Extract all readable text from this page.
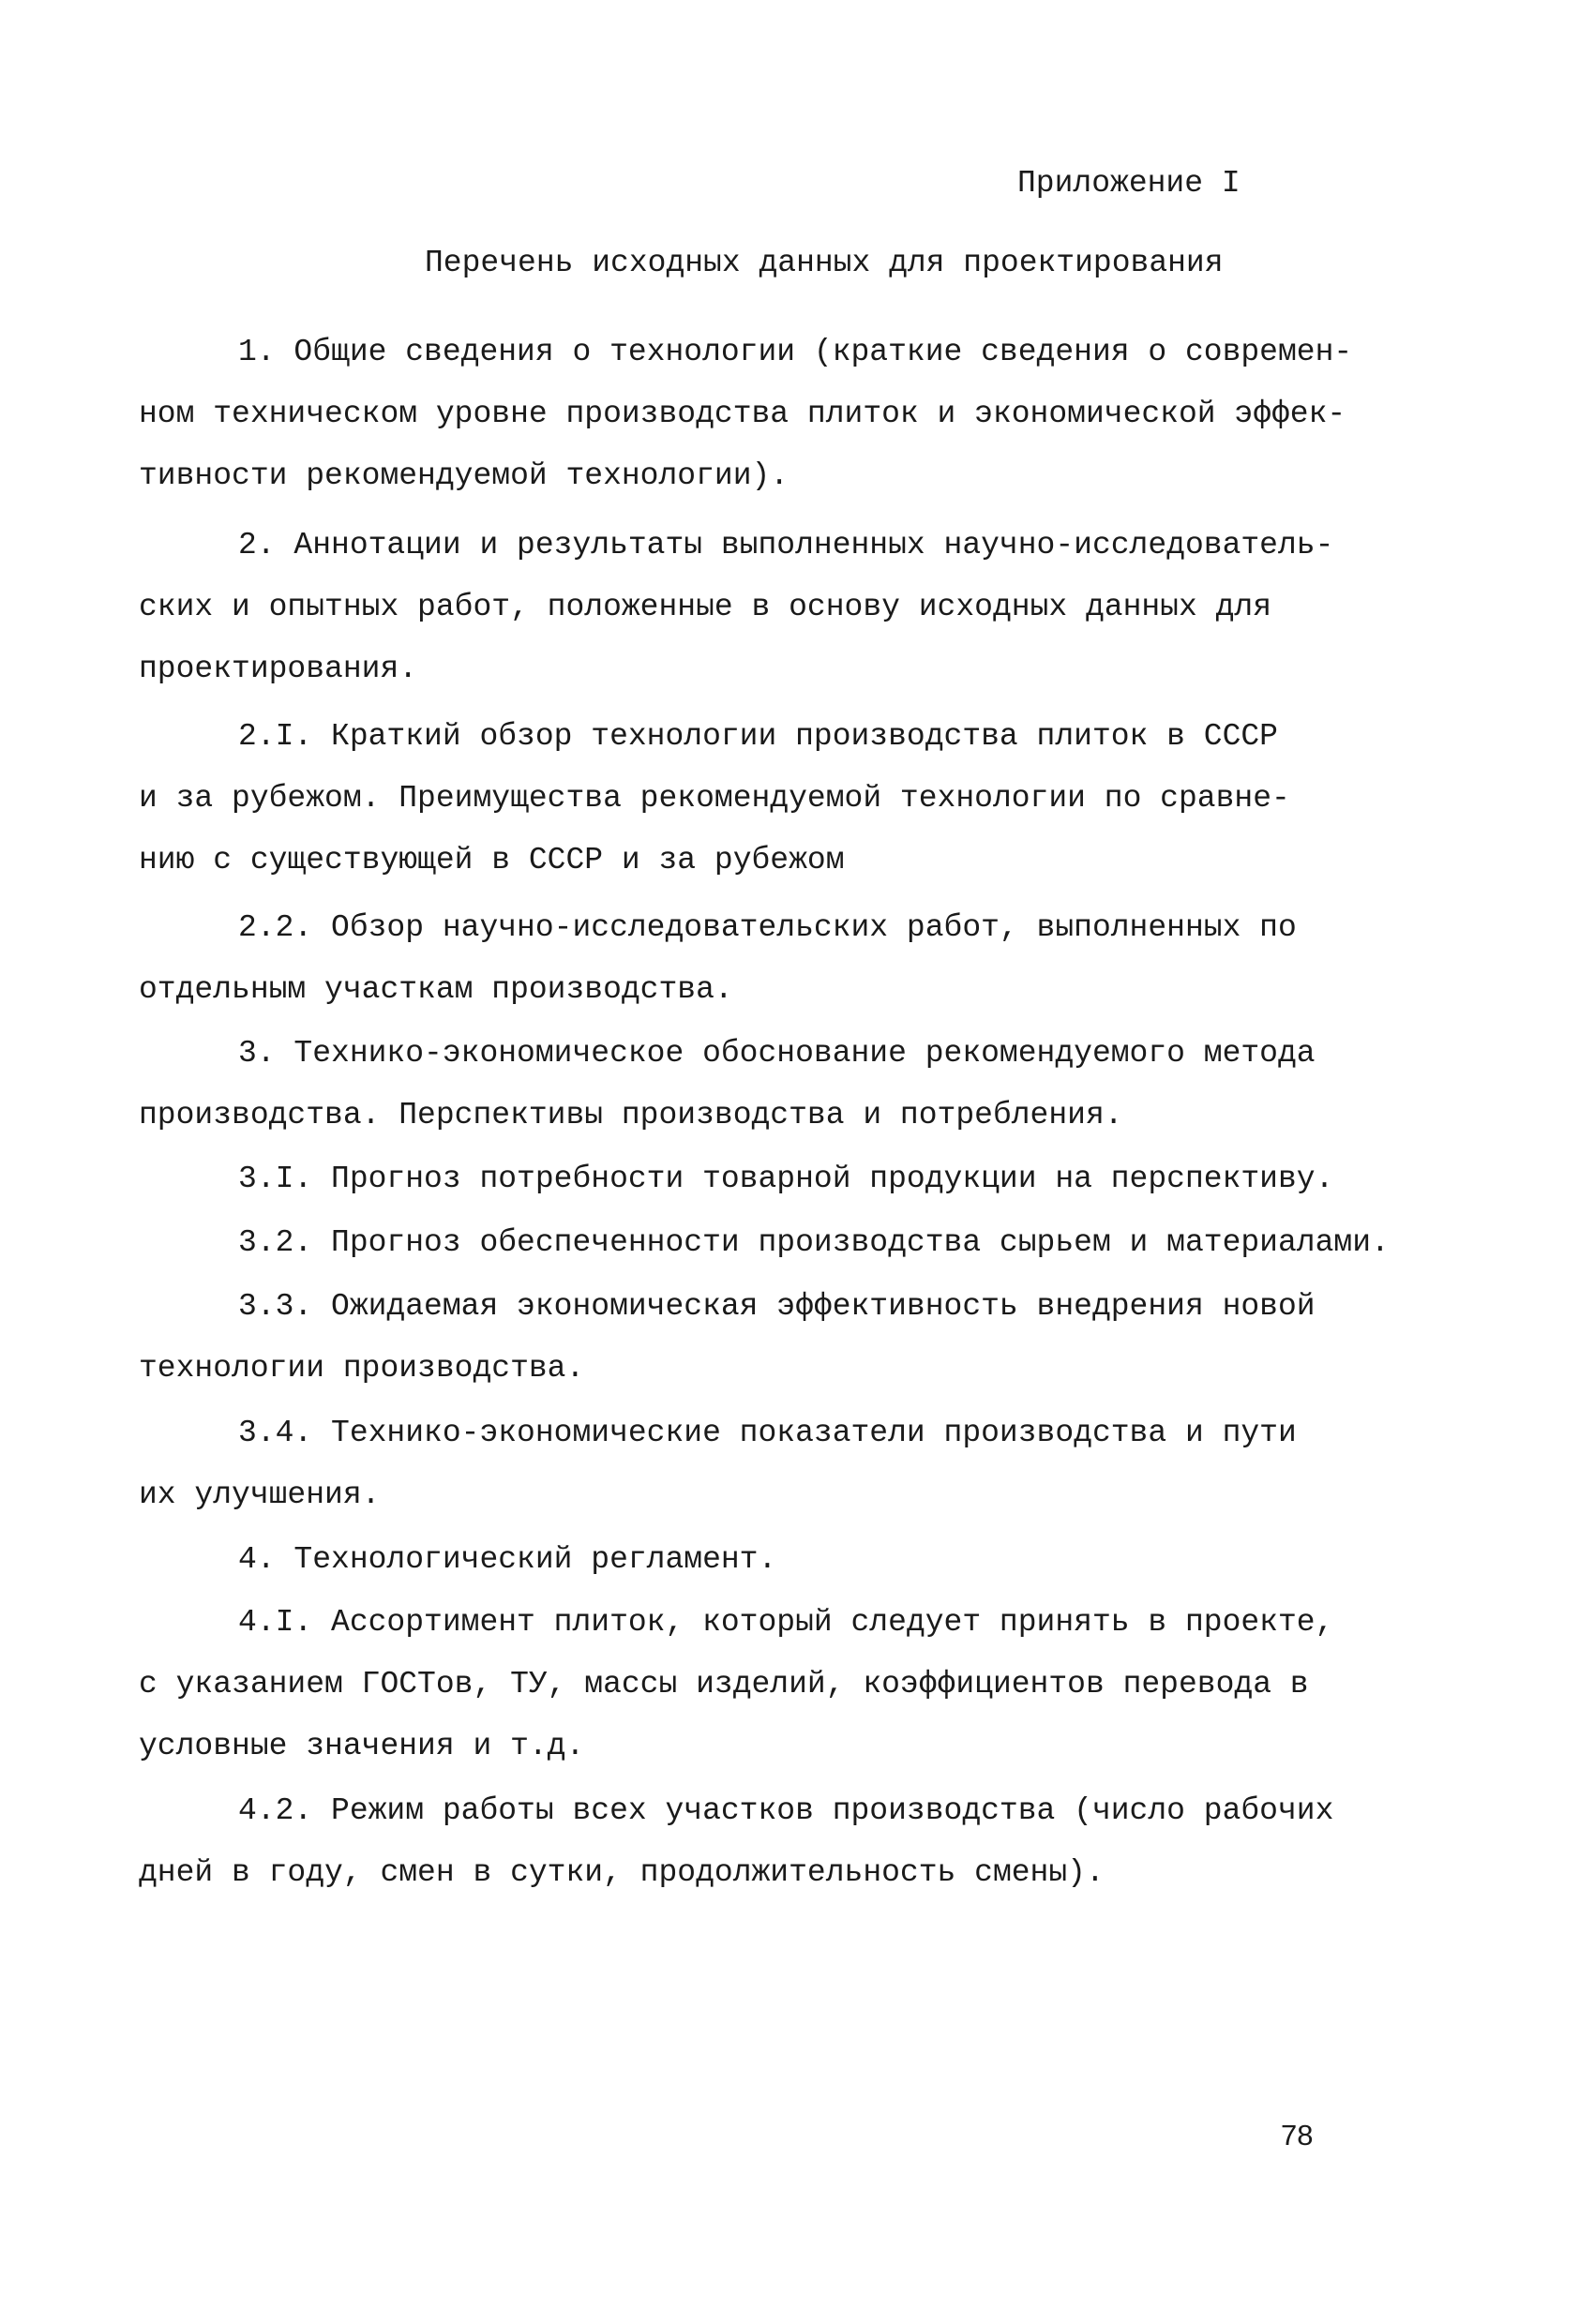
Приложение I
Перечень исходных данных для проектирования
1. Общие сведения о технологии (краткие сведения о современ-
ном техническом уровне производства плиток и экономической эффек-
тивности рекомендуемой технологии).
2. Аннотации и результаты выполненных научно-исследователь-
ских и опытных работ, положенные в основу исходных данных для
проектирования.
2.I. Краткий обзор технологии производства плиток в СССР
и за рубежом. Преимущества рекомендуемой технологии по сравне-
нию с существующей в СССР и за рубежом
2.2. Обзор научно-исследовательских работ, выполненных по
отдельным участкам производства.
3. Технико-экономическое обоснование рекомендуемого метода
производства. Перспективы производства и потребления.
3.I. Прогноз потребности товарной продукции на перспективу.
3.2. Прогноз обеспеченности производства сырьем и материалами.
3.3. Ожидаемая экономическая эффективность внедрения новой
технологии производства.
3.4. Технико-экономические показатели производства и пути
их улучшения.
4. Технологический регламент.
4.I. Ассортимент плиток, который следует принять в проекте,
с указанием ГОСТов, ТУ, массы изделий, коэффициентов перевода в
условные значения и т.д.
4.2. Режим работы всех участков производства (число рабочих
дней в году, смен в сутки, продолжительность смены).
78
